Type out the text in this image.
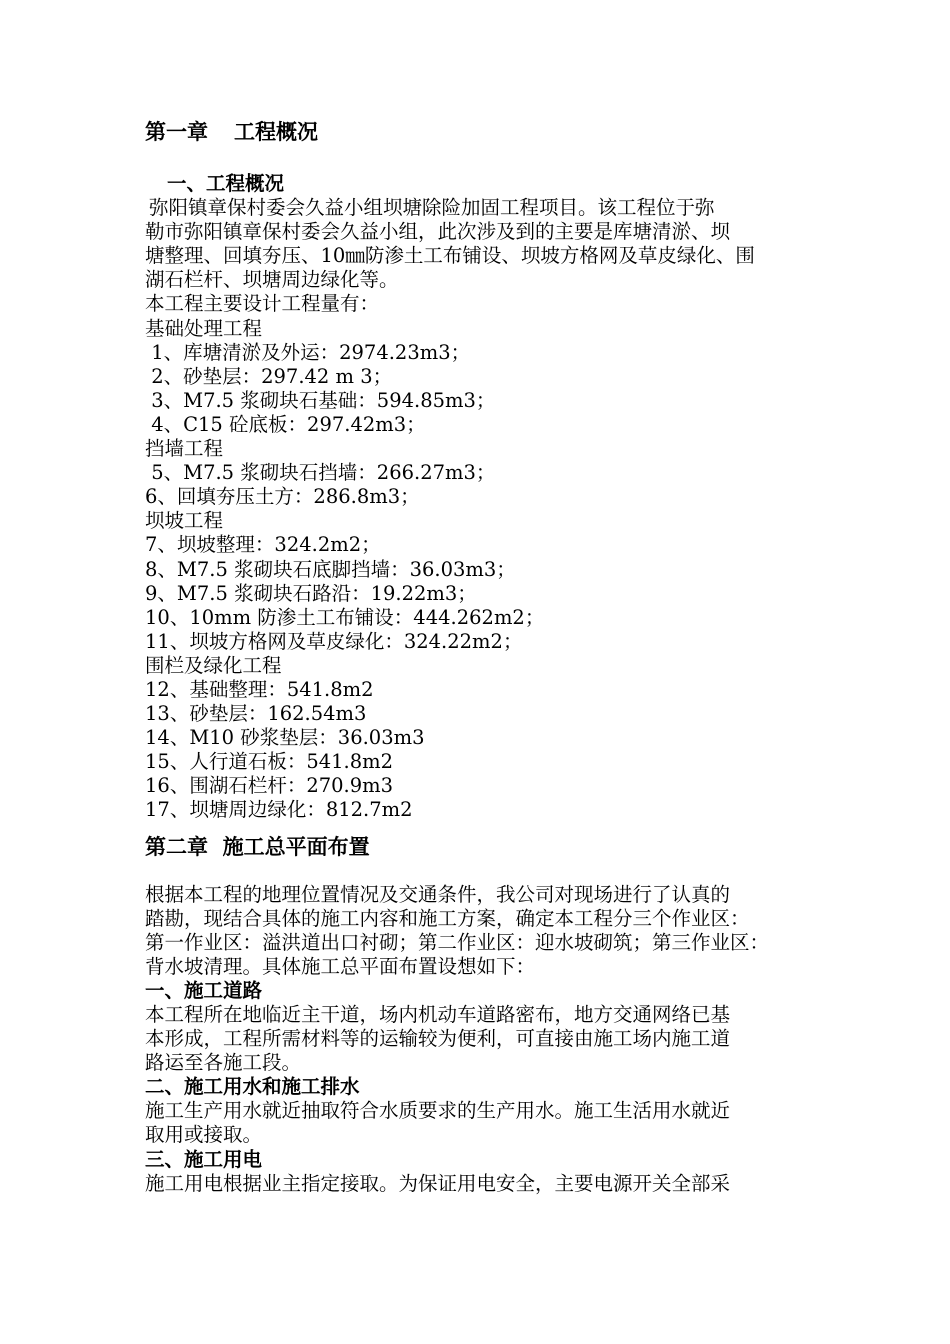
第一章 工程概况
一、工程概况
弥阳镇章保村委会久益小组坝塘除险加固工程项目。该工程位于弥
勒市弥阳镇章保村委会久益小组，此次涉及到的主要是库塘清淤、坝
塘整理、回填夯压、10㎜防渗土工布铺设、坝坡方格网及草皮绿化、围
湖石栏杆、坝塘周边绿化等。
本工程主要设计工程量有：
基础处理工程
1、库塘清淤及外运：2974.23m3；
2、砂垫层：297.42 m 3；
3、M7.5 浆砌块石基础：594.85m3；
4、C15 砼底板：297.42m3；
挡墙工程
5、M7.5 浆砌块石挡墙：266.27m3；
6、回填夯压土方：286.8m3；
坝坡工程
7、坝坡整理：324.2m2；
8、M7.5 浆砌块石底脚挡墙：36.03m3；
9、M7.5 浆砌块石路沿：19.22m3；
10、10mm 防渗土工布铺设：444.262m2；
11、坝坡方格网及草皮绿化：324.22m2；
围栏及绿化工程
12、基础整理：541.8m2
13、砂垫层：162.54m3
14、M10 砂浆垫层：36.03m3
15、人行道石板：541.8m2
16、围湖石栏杆：270.9m3
17、坝塘周边绿化：812.7m2
第二章  施工总平面布置
根据本工程的地理位置情况及交通条件，我公司对现场进行了认真的
踏勘，现结合具体的施工内容和施工方案，确定本工程分三个作业区：
第一作业区：溢洪道出口衬砌；第二作业区：迎水坡砌筑；第三作业区：
背水坡清理。具体施工总平面布置设想如下：
一、施工道路
本工程所在地临近主干道，场内机动车道路密布，地方交通网络已基
本形成，工程所需材料等的运输较为便利，可直接由施工场内施工道
路运至各施工段。
二、施工用水和施工排水
施工生产用水就近抽取符合水质要求的生产用水。施工生活用水就近
取用或接取。
三、施工用电
施工用电根据业主指定接取。为保证用电安全，主要电源开关全部采
